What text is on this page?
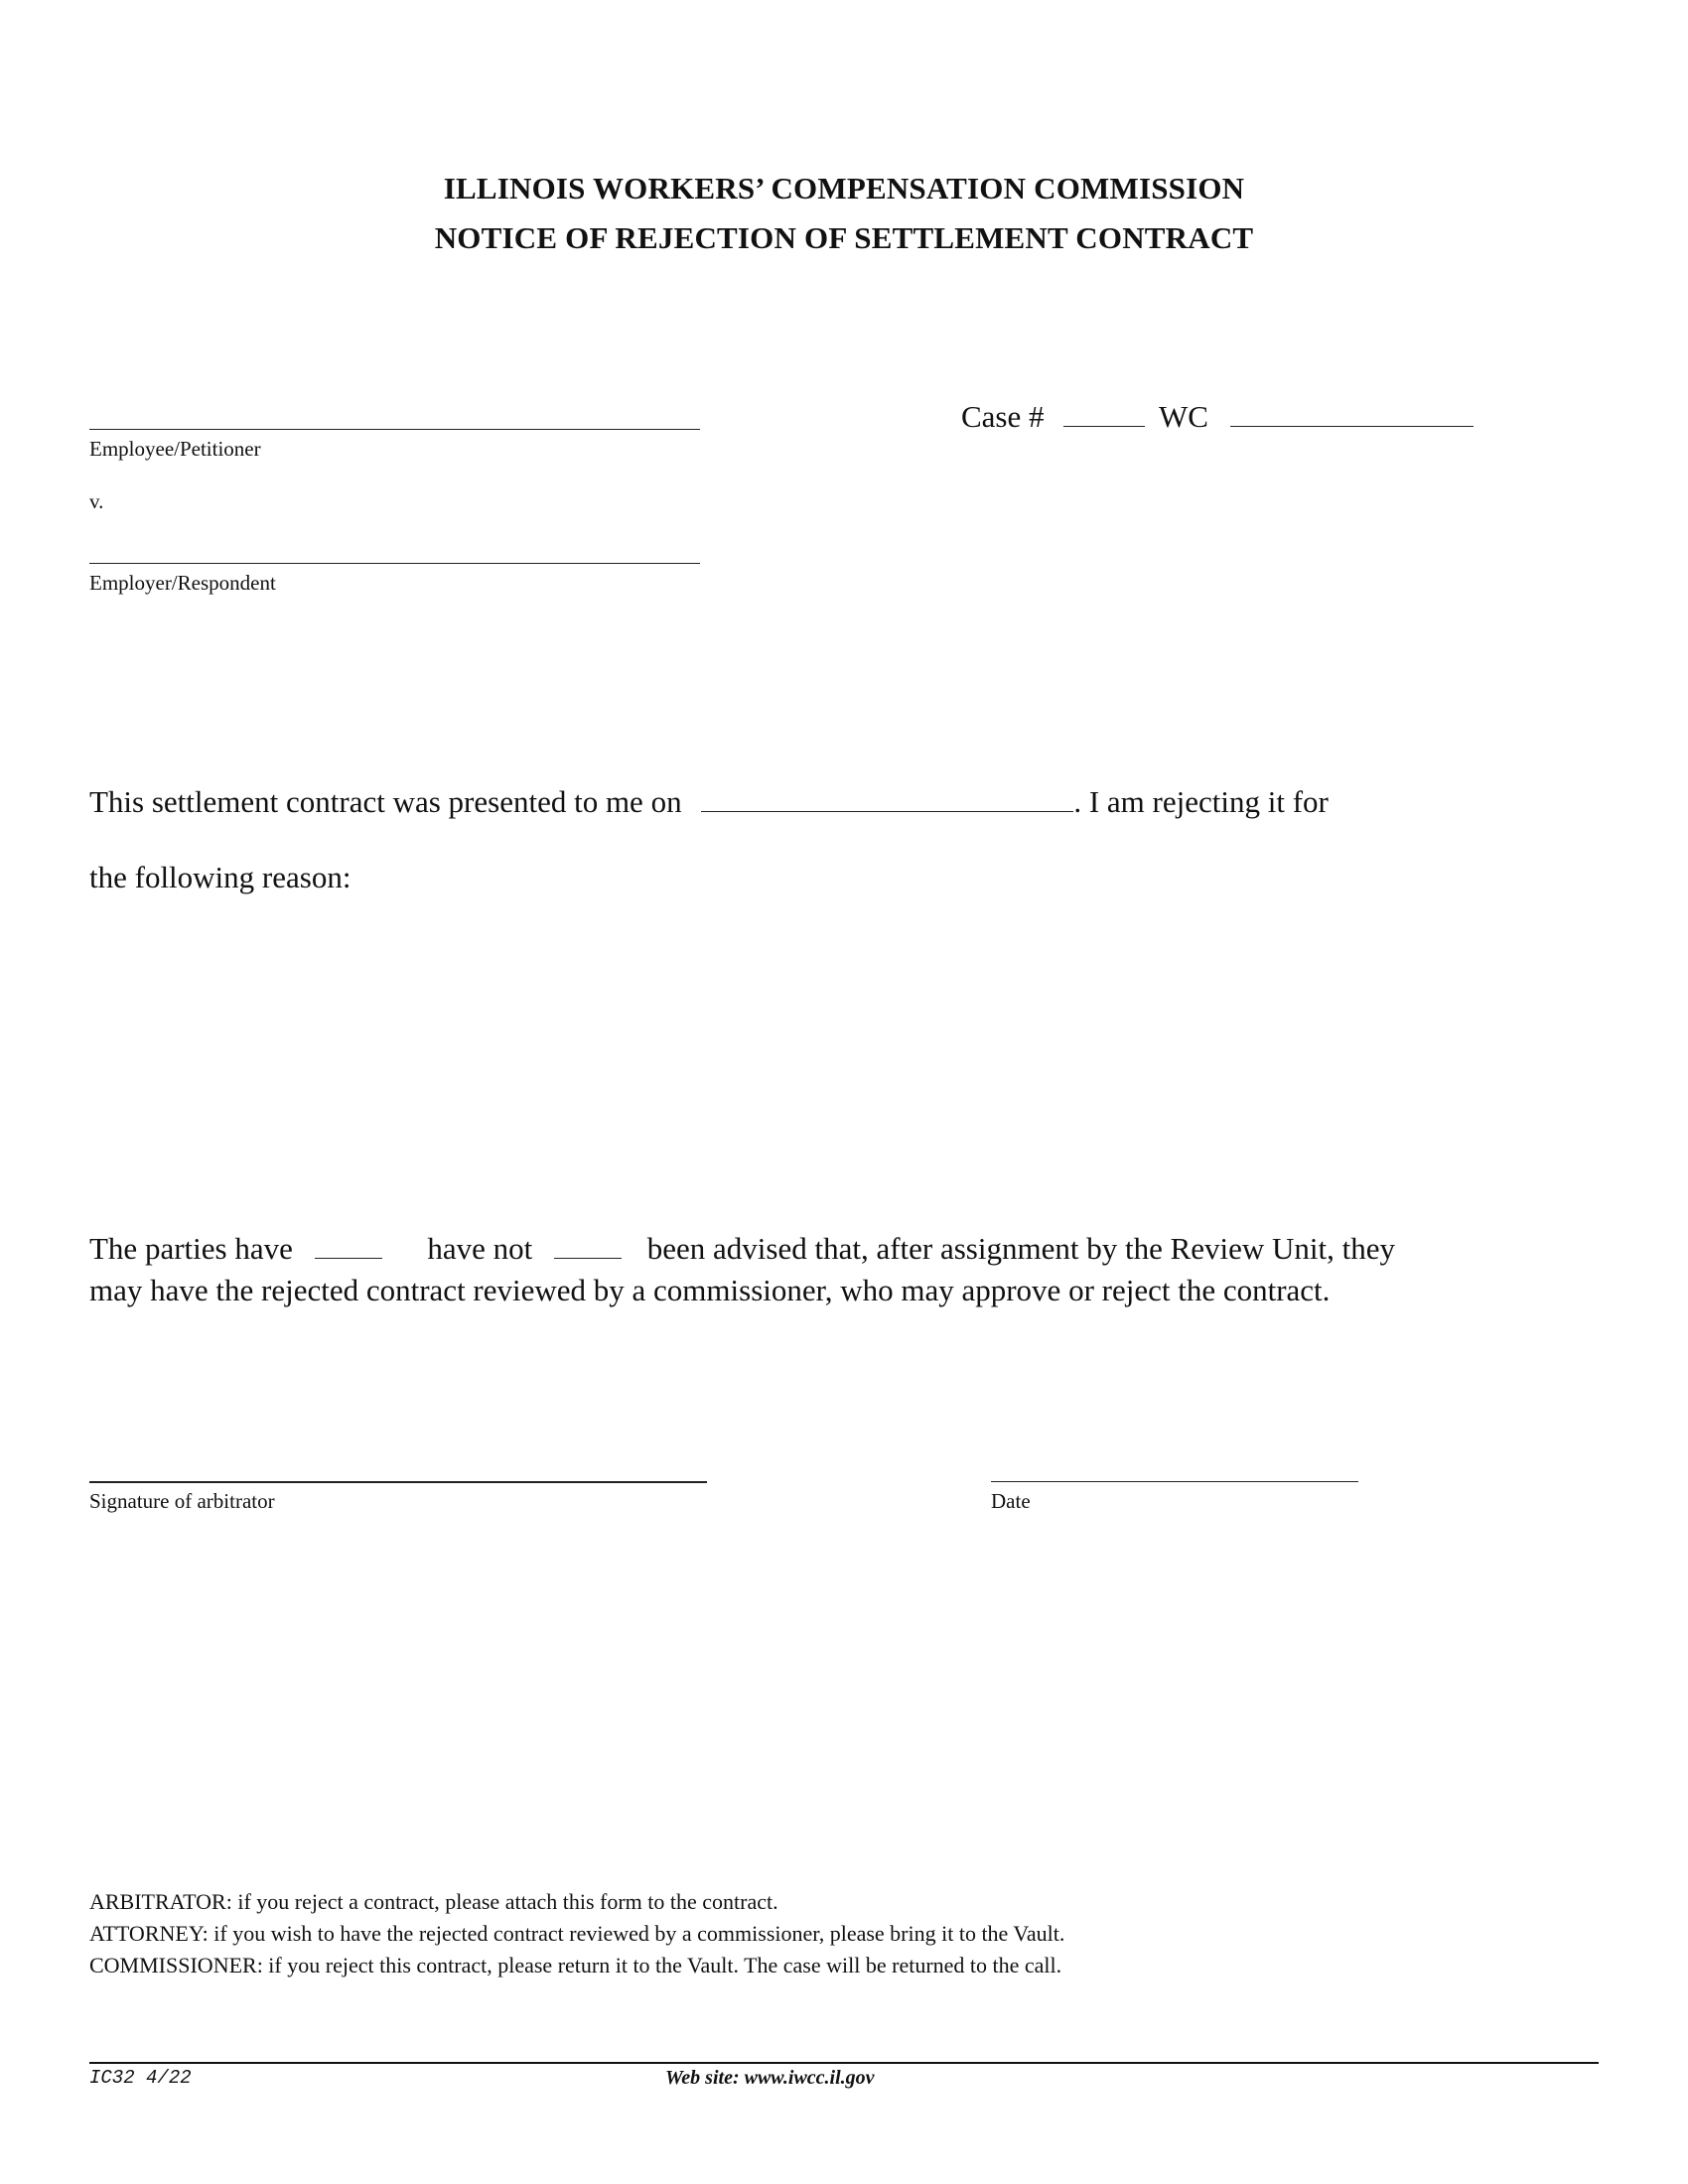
ILLINOIS WORKERS’ COMPENSATION COMMISSION
NOTICE OF REJECTION OF SETTLEMENT CONTRACT
Employee/Petitioner
v.
Employer/Respondent
Case #	WC
This settlement contract was presented to me on	. I am rejecting it for
the following reason:
The parties have	have not	been advised that, after assignment by the Review Unit, they
may have the rejected contract reviewed by a commissioner, who may approve or reject the contract.
Signature of arbitrator	Date
ARBITRATOR: if you reject a contract, please attach this form to the contract.
ATTORNEY: if you wish to have the rejected contract reviewed by a commissioner, please bring it to the Vault.
COMMISSIONER: if you reject this contract, please return it to the Vault. The case will be returned to the call.
IC32 4/22	Web site: www.iwcc.il.gov
